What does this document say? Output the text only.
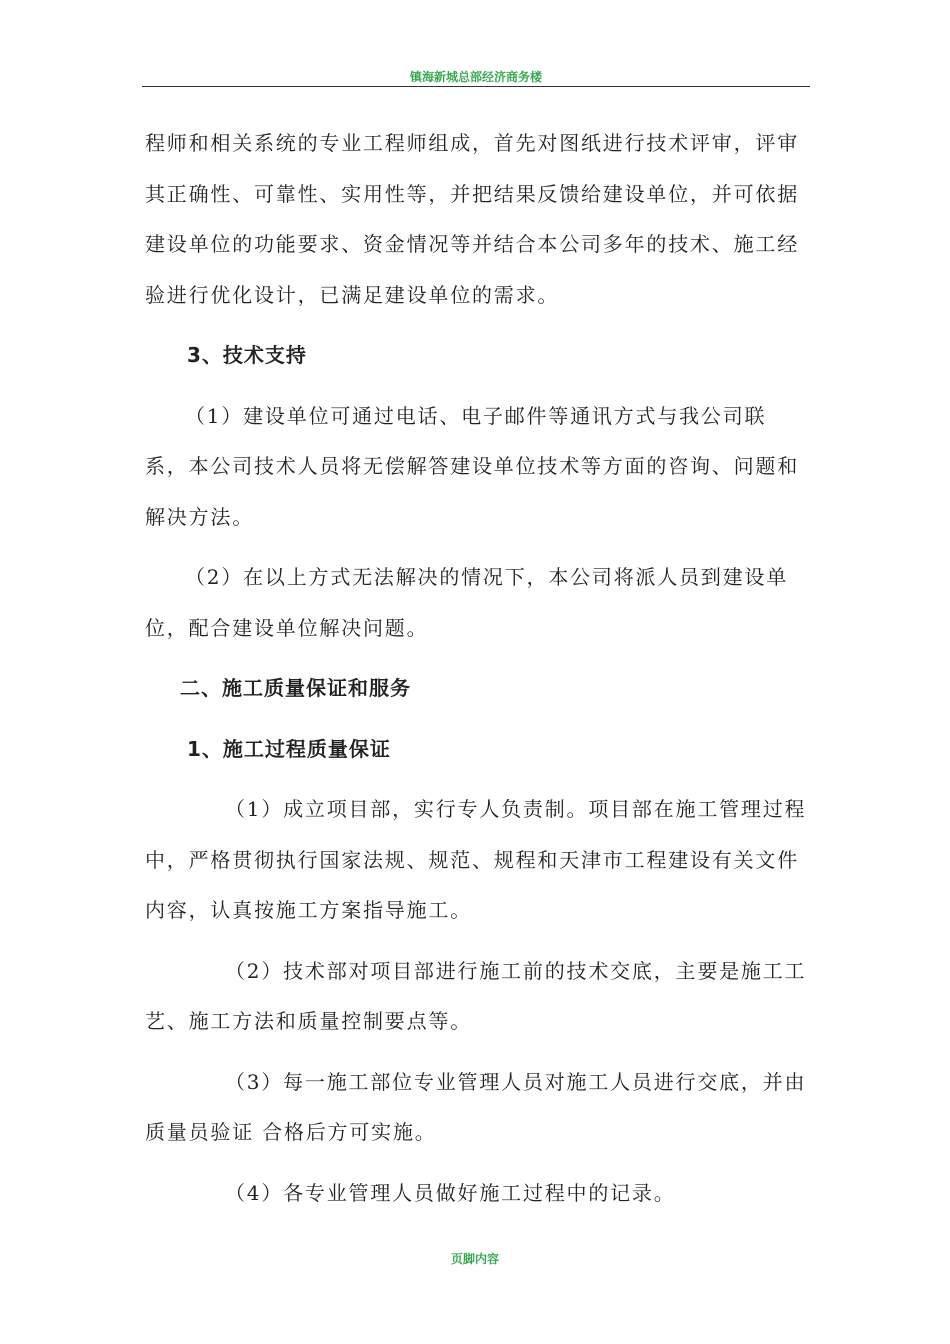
镇海新城总部经济商务楼

程师和相关系统的专业工程师组成，首先对图纸进行技术评审，评审其正确性、可靠性、实用性等，并把结果反馈给建设单位，并可依据建设单位的功能要求、资金情况等并结合本公司多年的技术、施工经验进行优化设计，已满足建设单位的需求。

3、技术支持

（1）建设单位可通过电话、电子邮件等通讯方式与我公司联系，本公司技术人员将无偿解答建设单位技术等方面的咨询、问题和解决方法。

（2）在以上方式无法解决的情况下，本公司将派人员到建设单位，配合建设单位解决问题。

二、施工质量保证和服务

1、施工过程质量保证

（1）成立项目部，实行专人负责制。项目部在施工管理过程中，严格贯彻执行国家法规、规范、规程和天津市工程建设有关文件内容，认真按施工方案指导施工。

（2）技术部对项目部进行施工前的技术交底，主要是施工工艺、施工方法和质量控制要点等。

（3）每一施工部位专业管理人员对施工人员进行交底，并由质量员验证 合格后方可实施。

（4）各专业管理人员做好施工过程中的记录。

页脚内容
